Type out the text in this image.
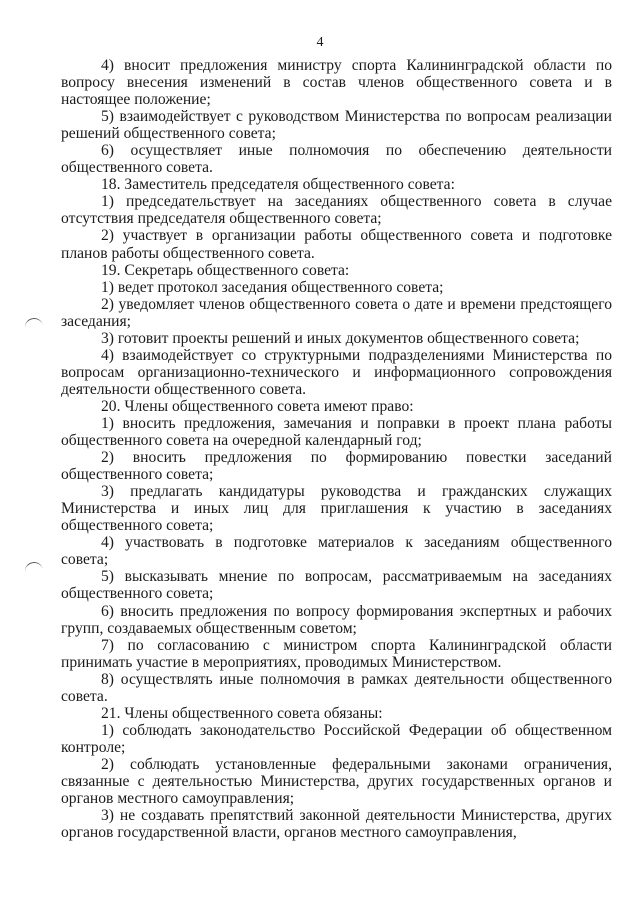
4

4) вносит предложения министру спорта Калининградской области по вопросу внесения изменений в состав членов общественного совета и в настоящее положение;

5) взаимодействует с руководством Министерства по вопросам реализации решений общественного совета;

6) осуществляет иные полномочия по обеспечению деятельности общественного совета.

18. Заместитель председателя общественного совета:

1) председательствует на заседаниях общественного совета в случае отсутствия председателя общественного совета;

2) участвует в организации работы общественного совета и подготовке планов работы общественного совета.

19. Секретарь общественного совета:

1) ведет протокол заседания общественного совета;

2) уведомляет членов общественного совета о дате и времени предстоящего заседания;

3) готовит проекты решений и иных документов общественного совета;

4) взаимодействует со структурными подразделениями Министерства по вопросам организационно-технического и информационного сопровождения деятельности общественного совета.

20. Члены общественного совета имеют право:

1) вносить предложения, замечания и поправки в проект плана работы общественного совета на очередной календарный год;

2) вносить предложения по формированию повестки заседаний общественного совета;

3) предлагать кандидатуры руководства и гражданских служащих Министерства и иных лиц для приглашения к участию в заседаниях общественного совета;

4) участвовать в подготовке материалов к заседаниям общественного совета;

5) высказывать мнение по вопросам, рассматриваемым на заседаниях общественного совета;

6) вносить предложения по вопросу формирования экспертных и рабочих групп, создаваемых общественным советом;

7) по согласованию с министром спорта Калининградской области принимать участие в мероприятиях, проводимых Министерством.

8) осуществлять иные полномочия в рамках деятельности общественного совета.

21. Члены общественного совета обязаны:

1) соблюдать законодательство Российской Федерации об общественном контроле;

2) соблюдать установленные федеральными законами ограничения, связанные с деятельностью Министерства, других государственных органов и органов местного самоуправления;

3) не создавать препятствий законной деятельности Министерства, других органов государственной власти, органов местного самоуправления,
